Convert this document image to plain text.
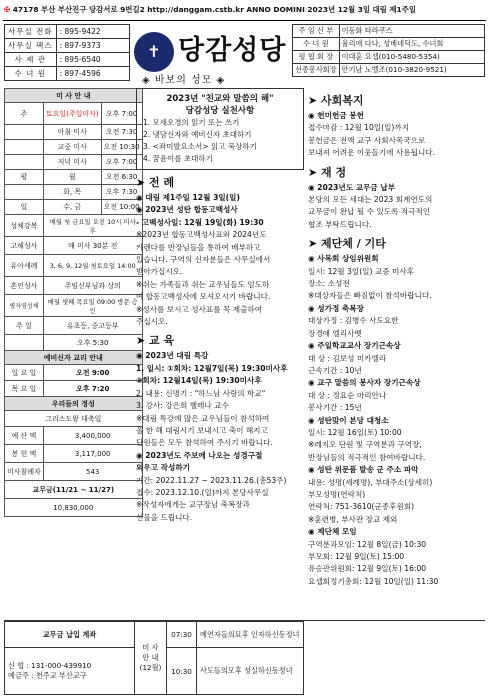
✠ 47178 부산 부산진구 당감서로 9번길2 http://danggam.cstb.kr ANNO DOMINI 2023년 12월 3일 대림 제1주일
사무실 전화	: 895-9422
사무실 팩스	: 897-9373
사 제 관	: 895-6540
수 녀 원	: 897-4596
✝ 당감성당
◈ 바보의 성모 ◈
주 임 신 부	이동화 타라쿠스
수 녀 원	율리애 다나, 성베네딕도, 수녀회
평 협 회 장	이대훈 요셉(010-5480-5354)
선종봉사회장	안기남 노벨조(010-3820-9521)
미 사 안 내		
주	토요일(주일미사)	오후 7:00
	아침 미사	오전 7:30
	교중 미사	오전 10:30
	저녁 미사	오후 7:00
평	월	오전 6:30
	화, 목	오후 7:30
일	수, 금	오전 10:00
성체강복	매월 첫 금요일 오전 10시 미사 후	
고해성사	매 미사 30분 전	
유아세례	3, 6, 9, 12월 첫토요일 14:00	
혼인성사	주임신부님과 상의	
병자영성체	매월 셋째 목요일 09:00 방문 승인	
주 일	유초등, 중고등부	
	오후 5:30	
예비신자 교리 안내		
일 요 일	오전 9:00	
목 요 일	오후 7:20	
우리들의 정성		
그리스도왕 대축일		
예 산 액	3,400,000	
봉 헌 액	3,117,000	
미사참례자	543	
교무금(11/21 ~ 11/27)		
10,830,000		
2023년 "친교와 말씀의 해"
당감성당 실천사항
1. 모세오경의 읽기 또는 쓰기
2. 냉담신자와 예비신자 초대하기
3. <좌미발요소서> 읽고 묵상하기
4. 꿈윤이를 초대하기
➤ 전 례
◉ 대림 제1주일 12월 3일(일)
◉ 2023년 성탄 합동고백성사
- 고백성사일: 12월 19일(화) 19:30
※2023년 합동고백성사표와 2024년도
카렌다를 반장님들을 통하여 배부하고
있습니다. 구역의 신자분들은 사무실에서
받아가십시오.
※쉬는 가족들과 쉬는 교우님들도 임도하
여 합동고백성사에 모셔오시기 바랍니다.
※성사를 보시고 성사표를 꼭 제출하여
주십시오.
➤ 교 육
◉ 2023년 대림 특강
1. 일시: ①회차: 12월7일(목) 19:30미사후
②회차: 12월14일(목) 19:30미사후
2. 내용: 신명기 : "하느님 사랑의 학교"
3. 강사: 강은희 헬레나 교수
※대림 특강에 많은 교우님들이 참석하여
올 한 해 대림시기 보내시고 축이 해지고
단원들은 모두 참석하여 주시기 바랍니다.
◉ 2023년도 주보에 나오는 성경구절
외우고 작성하기
기간: 2022.11.27 ~ 2023.11.26.(총53주)
접수: 2023.12.10.(일)까지 본당사무실
※작성자에게는 교구장님 축복장과
선물을 드립니다.
➤ 사회복지
◉ 헌미헌금 봉헌
접수마감 : 12월 10일(일)까지
봉헌금은 전액 교구 사회사목국으로
보내져 어려운 이웃들기에 사용됩니다.
➤ 재 정
◉ 2023년도 교무금 납부
본당의 모든 세대는 2023 회계연도의
교무금이 완납 될 수 있도록 적극적인
협조 부탁드립니다.
➤ 제단체 / 기타
◉ 사목회 상임위원회
일시: 12월 3일(일) 교중 미사후
장소: 소성전
※대상자들은 빠짐없이 참석바랍니다.
◉ 성가정 축복장
대상가정 : 김병수 사도요한
장경애 엘리사벳
◉ 주일학교교사 장기근속상
대 상 : 김보성 미카엘라
근속기간 : 10년
◉ 교구 말씀의 봉사자 장기근속상
대 상 : 정요순 마리안나
봉사기간 : 15년
◉ 성탄맞이 본당 대청소
일시: 12월 16일(토) 10:00
※레지오 단원 및 구역분과 구역장,
반장님들의 적극적인 참여바랍니다.
◉ 성탄 위문품 발송 군 주소 파악
내용: 성명(세례명), 부대주소(상세히)
부모성명(연락처)
연락처: 751-3610(군종후원회)
※훈련병, 부사관 장교 제외
◉ 제단체 모임
구역분과모임: 12월 8일(금) 10:30
부모회: 12월 9일(토) 15:00
유승관위원회: 12월 9일(토) 16:00
요셉회정기총회: 12월 10일(일) 11:30
교무금 납입 계좌	미 사 안 내 (12월)	07:30	예연자들의묘후 인자하신동정녀	
		10:30	사도들의모후 성실하신동정녀	

신 협 : 131-000-439910
예금주 : 천주교 부산교구				
